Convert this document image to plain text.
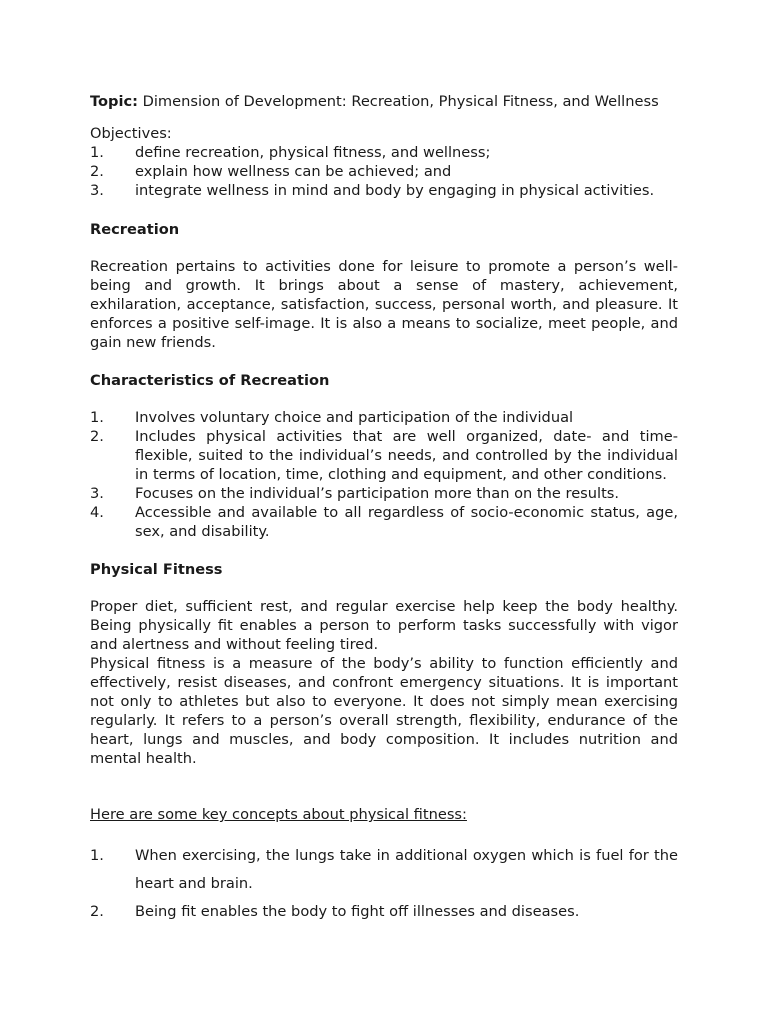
Topic: Dimension of Development: Recreation, Physical Fitness, and Wellness
Objectives:
1. define recreation, physical fitness, and wellness;
2. explain how wellness can be achieved; and
3. integrate wellness in mind and body by engaging in physical activities.
Recreation
Recreation pertains to activities done for leisure to promote a person’s well-being and growth. It brings about a sense of mastery, achievement, exhilaration, acceptance, satisfaction, success, personal worth, and pleasure. It enforces a positive self-image. It is also a means to socialize, meet people, and gain new friends.
Characteristics of Recreation
1. Involves voluntary choice and participation of the individual
2. Includes physical activities that are well organized, date- and time-flexible, suited to the individual’s needs, and controlled by the individual in terms of location, time, clothing and equipment, and other conditions.
3. Focuses on the individual’s participation more than on the results.
4. Accessible and available to all regardless of socio-economic status, age, sex, and disability.
Physical Fitness
Proper diet, sufficient rest, and regular exercise help keep the body healthy. Being physically fit enables a person to perform tasks successfully with vigor and alertness and without feeling tired.
Physical fitness is a measure of the body’s ability to function efficiently and effectively, resist diseases, and confront emergency situations. It is important not only to athletes but also to everyone. It does not simply mean exercising regularly. It refers to a person’s overall strength, flexibility, endurance of the heart, lungs and muscles, and body composition. It includes nutrition and mental health.
Here are some key concepts about physical fitness:
1. When exercising, the lungs take in additional oxygen which is fuel for the heart and brain.
2. Being fit enables the body to fight off illnesses and diseases.
